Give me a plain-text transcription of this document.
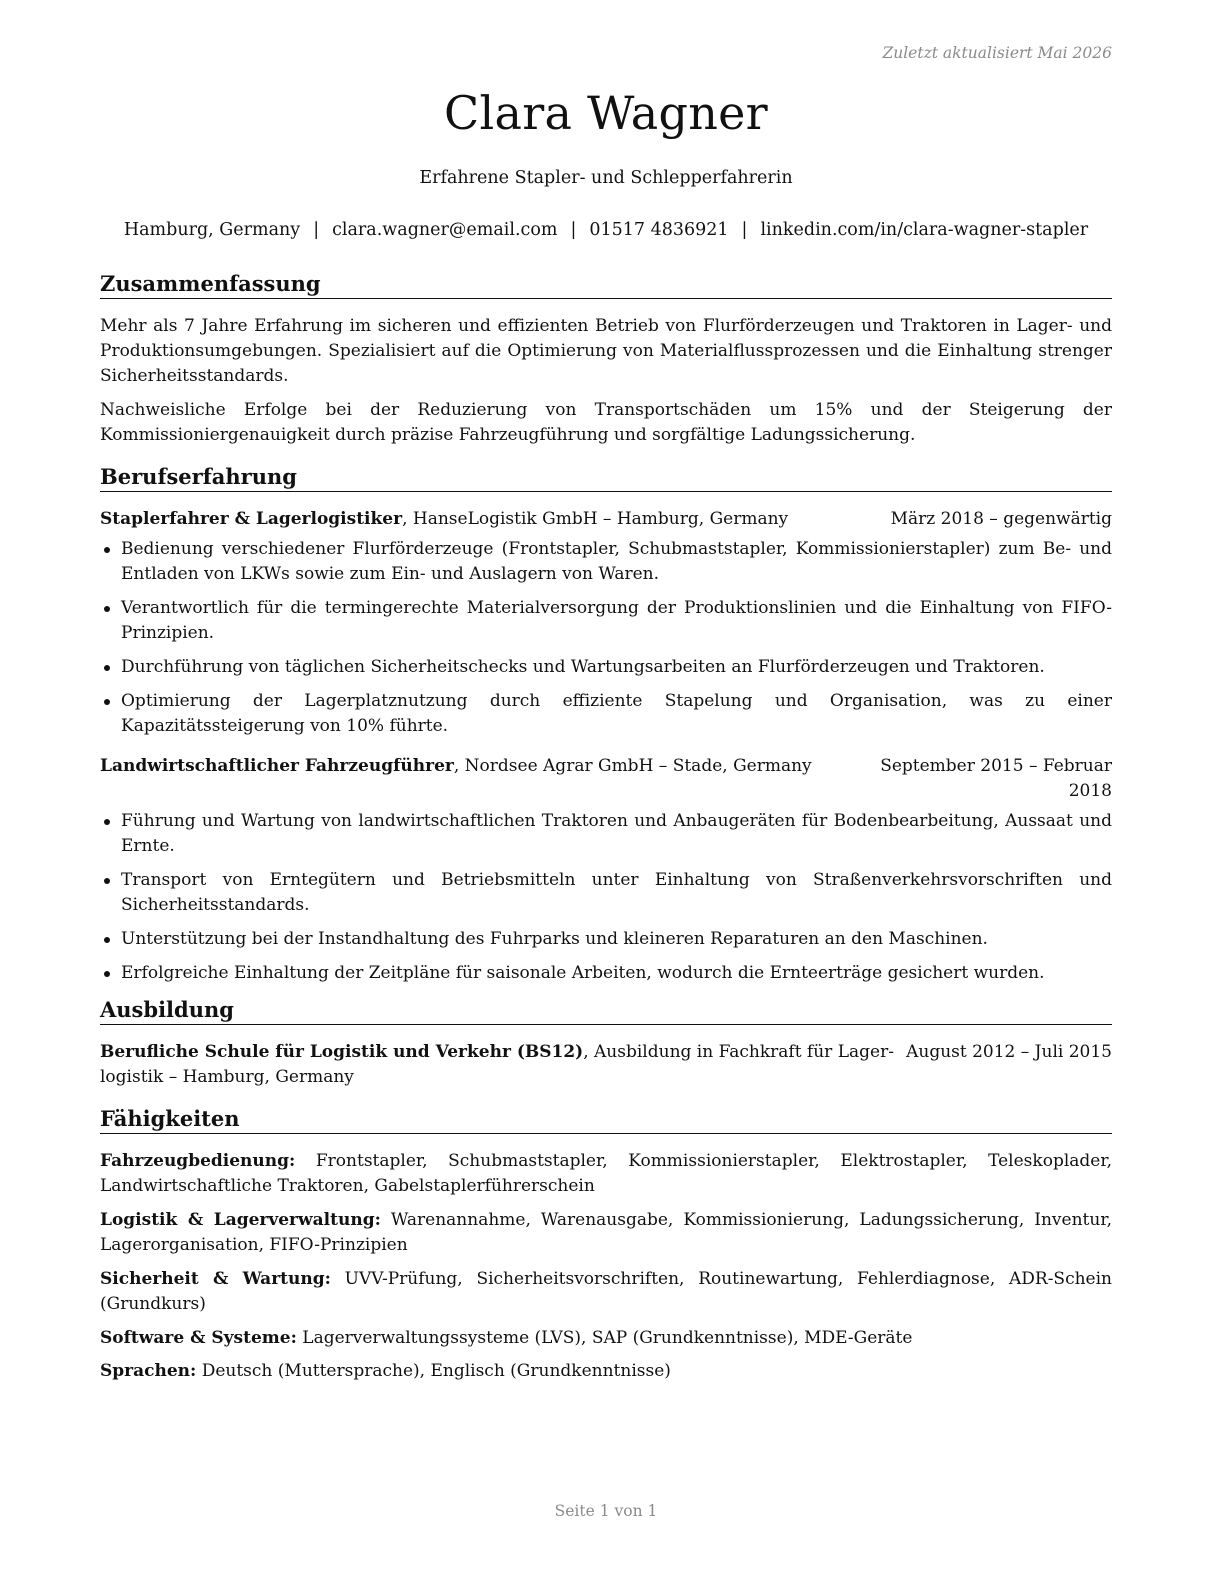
Zuletzt aktualisiert Mai 2026
Clara Wagner
Erfahrene Stapler- und Schlepperfahrerin
Hamburg, Germany | clara.wagner@email.com | 01517 4836921 | linkedin.com/in/clara-wagner-stapler
Zusammenfassung
Mehr als 7 Jahre Erfahrung im sicheren und effizienten Betrieb von Flurförderzeugen und Traktoren in Lager- und Produktionsumgebungen. Spezialisiert auf die Optimierung von Materialflussprozessen und die Einhaltung strenger Sicherheitsstandards.
Nachweisliche Erfolge bei der Reduzierung von Transportschäden um 15% und der Steigerung der Kommissioniergenauigkeit durch präzise Fahrzeugführung und sorgfältige Ladungssicherung.
Berufserfahrung
Staplerfahrer & Lagerlogistiker, HanseLogistik GmbH – Hamburg, Germany	März 2018 – gegenwärtig
Bedienung verschiedener Flurförderzeuge (Frontstapler, Schubmaststapler, Kommissionierstapler) zum Be- und Entladen von LKWs sowie zum Ein- und Auslagern von Waren.
Verantwortlich für die termingerechte Materialversorgung der Produktionslinien und die Einhaltung von FIFO-Prinzipien.
Durchführung von täglichen Sicherheitschecks und Wartungsarbeiten an Flurförderzeugen und Traktoren.
Optimierung der Lagerplatznutzung durch effiziente Stapelung und Organisation, was zu einer Kapazitätssteigerung von 10% führte.
Landwirtschaftlicher Fahrzeugführer, Nordsee Agrar GmbH – Stade, Germany	September 2015 – Februar
2018
Führung und Wartung von landwirtschaftlichen Traktoren und Anbaugeräten für Bodenbearbeitung, Aussaat und Ernte.
Transport von Erntegütern und Betriebsmitteln unter Einhaltung von Straßenverkehrsvorschriften und Sicherheitsstandards.
Unterstützung bei der Instandhaltung des Fuhrparks und kleineren Reparaturen an den Maschinen.
Erfolgreiche Einhaltung der Zeitpläne für saisonale Arbeiten, wodurch die Ernteerträge gesichert wurden.
Ausbildung
Berufliche Schule für Logistik und Verkehr (BS12), Ausbildung in Fachkraft für Lager-
logistik – Hamburg, Germany
August 2012 – Juli 2015
Fähigkeiten
Fahrzeugbedienung: Frontstapler, Schubmaststapler, Kommissionierstapler, Elektrostapler, Teleskoplader, Landwirtschaftliche Traktoren, Gabelstaplerführerschein
Logistik & Lagerverwaltung: Warenannahme, Warenausgabe, Kommissionierung, Ladungssicherung, Inventur, Lagerorganisation, FIFO-Prinzipien
Sicherheit & Wartung: UVV-Prüfung, Sicherheitsvorschriften, Routinewartung, Fehlerdiagnose, ADR-Schein (Grundkurs)
Software & Systeme: Lagerverwaltungssysteme (LVS), SAP (Grundkenntnisse), MDE-Geräte
Sprachen: Deutsch (Muttersprache), Englisch (Grundkenntnisse)
Seite 1 von 1
